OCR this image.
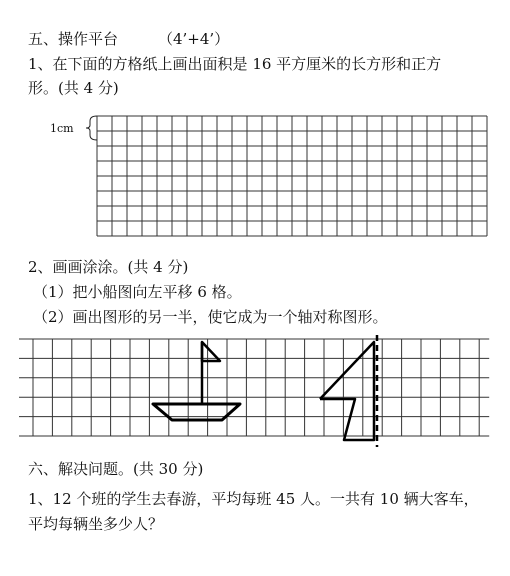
五、操作平台	（4’+4’）
1、在下面的方格纸上画出面积是 16 平方厘米的长方形和正方
形。(共 4 分)
1cm
2、画画涂涂。(共 4 分)
（1）把小船图向左平移 6 格。
（2）画出图形的另一半，使它成为一个轴对称图形。
六、解决问题。(共 30 分)
1、12 个班的学生去春游，平均每班 45 人。一共有 10 辆大客车，
平均每辆坐多少人？
